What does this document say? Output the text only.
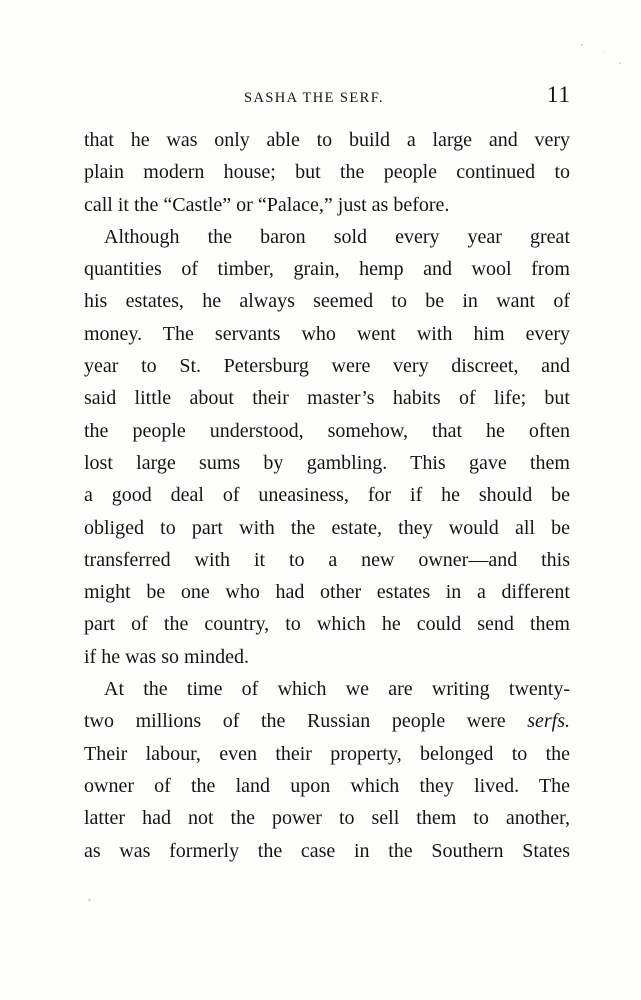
SASHA THE SERF.	11
that he was only able to build a large and very
plain modern house; but the people continued to
call it the “Castle” or “Palace,” just as before.
Although the baron sold every year great
quantities of timber, grain, hemp and wool from
his estates, he always seemed to be in want of
money. The servants who went with him every
year to St. Petersburg were very discreet, and
said little about their master’s habits of life; but
the people understood, somehow, that he often
lost large sums by gambling. This gave them
a good deal of uneasiness, for if he should be
obliged to part with the estate, they would all be
transferred with it to a new owner—and this
might be one who had other estates in a different
part of the country, to which he could send them
if he was so minded.
At the time of which we are writing twenty-
two millions of the Russian people were serfs.
Their labour, even their property, belonged to the
owner of the land upon which they lived. The
latter had not the power to sell them to another,
as was formerly the case in the Southern States
